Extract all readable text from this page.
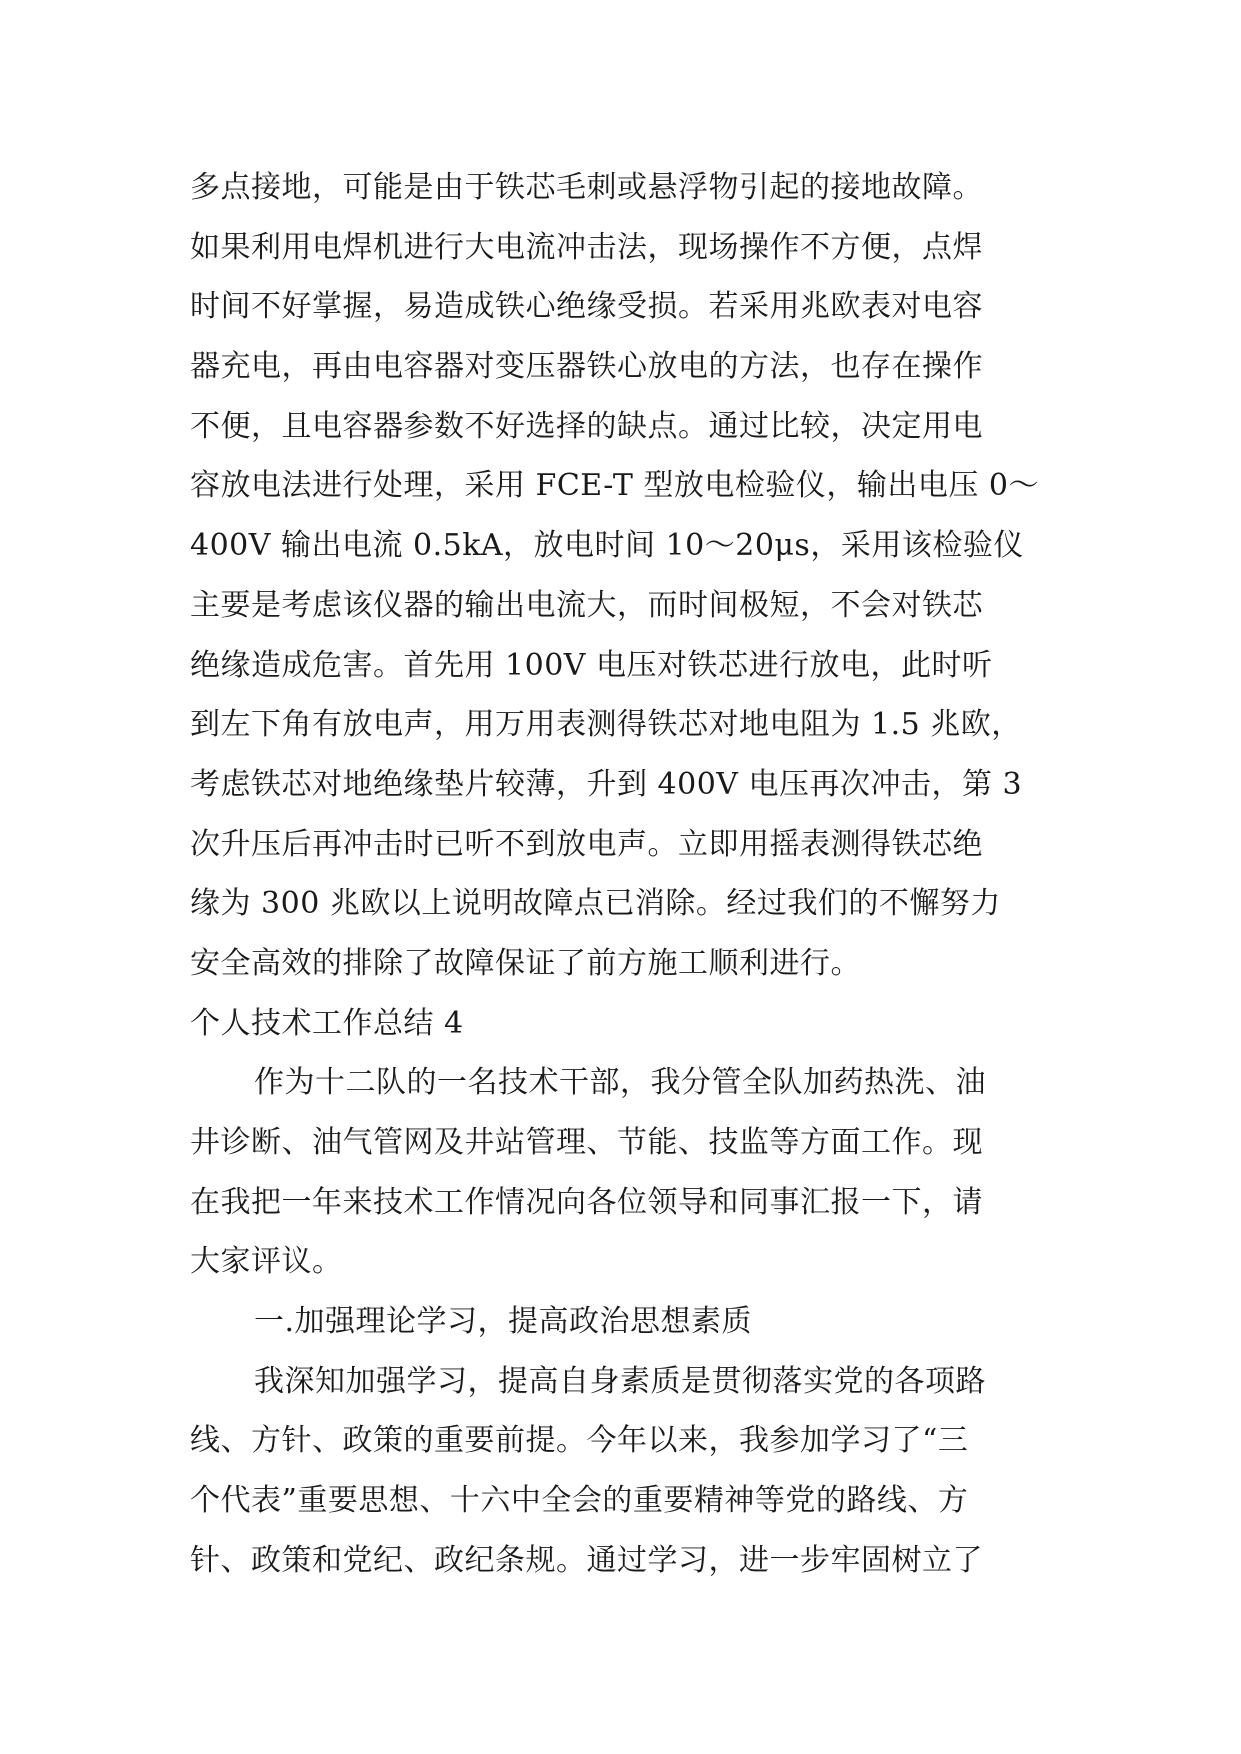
多点接地，可能是由于铁芯毛刺或悬浮物引起的接地故障。
如果利用电焊机进行大电流冲击法，现场操作不方便，点焊
时间不好掌握，易造成铁心绝缘受损。若采用兆欧表对电容
器充电，再由电容器对变压器铁心放电的方法，也存在操作
不便，且电容器参数不好选择的缺点。通过比较，决定用电
容放电法进行处理，采用 FCE-T 型放电检验仪，输出电压 0～
400V 输出电流 0.5kA，放电时间 10～20μs，采用该检验仪
主要是考虑该仪器的输出电流大，而时间极短，不会对铁芯
绝缘造成危害。首先用 100V 电压对铁芯进行放电，此时听
到左下角有放电声，用万用表测得铁芯对地电阻为 1.5 兆欧，
考虑铁芯对地绝缘垫片较薄，升到 400V 电压再次冲击，第 3
次升压后再冲击时已听不到放电声。立即用摇表测得铁芯绝
缘为 300 兆欧以上说明故障点已消除。经过我们的不懈努力
安全高效的排除了故障保证了前方施工顺利进行。
个人技术工作总结 4
作为十二队的一名技术干部，我分管全队加药热洗、油
井诊断、油气管网及井站管理、节能、技监等方面工作。现
在我把一年来技术工作情况向各位领导和同事汇报一下，请
大家评议。
一.加强理论学习，提高政治思想素质
我深知加强学习，提高自身素质是贯彻落实党的各项路
线、方针、政策的重要前提。今年以来，我参加学习了“三
个代表”重要思想、十六中全会的重要精神等党的路线、方
针、政策和党纪、政纪条规。通过学习，进一步牢固树立了
